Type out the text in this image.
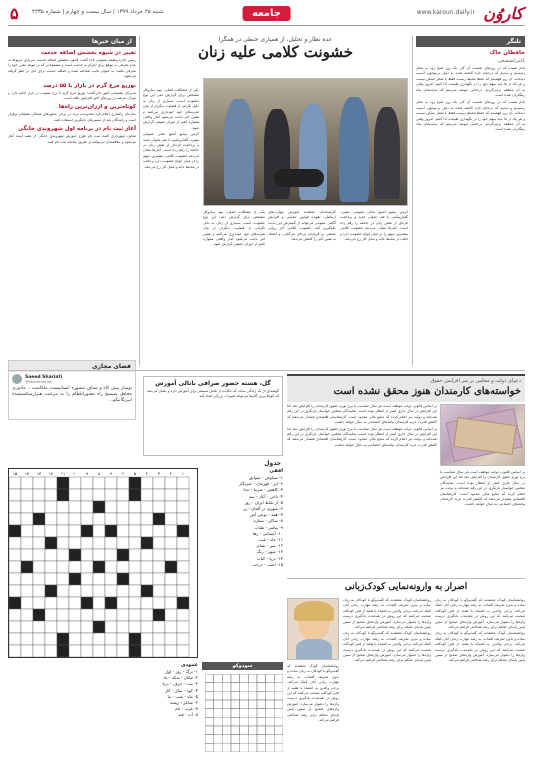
کاروُن
www.karoun.daily.ir
جامعه
شنبه ۲۵ خرداد ۱۳۹۹ | سال بیست و چهارم | شماره ۴۴۳۵
۵
از میان خبرها
تغییر در شیوه بخشش اضافه خدمت
رئیس اداره وظیفه عمومی ناجا گفت: قانون بخشش اضافه خدمت سربازی مربوط به عدم معرفی به موقع برای اعزام به خدمت است و مشمولانی که در موعد مقرر خود را معرفی نکنند، به عنوان غایب شناخته شده و اضافه خدمت برای آنان در نظر گرفته می‌شود.
توزیع مرغ گرم در بازار با ۵۵ درصد
مدیرکل پشتیبانی امور دام گفت: توزیع مرغ گرم با نرخ مصوب در بازار ادامه دارد و میزان عرضه در روزهای اخیر افزایش یافته است.
کوتاه‌ترین و ارزان‌ترین راه‌ها
سازمان راهداری اعلام کرد محدودیت تردد در برخی محورهای شمالی همچنان برقرار است و رانندگان باید از مسیرهای جایگزین استفاده کنند.
آغاز ثبت نام در برنامه اول شهروندی خانگی
معاون شهرداری گفت ثبت نام طرح آموزش شهروندی خانگی از هفته آینده آغاز می‌شود و علاقمندان می‌توانند از طریق سامانه ثبت نام کنند.
فضای مجازی
Saeed Shariati
@saeedshariati
نوساز بیش کاه و شیاف مشهره انسانبیست ملکاشت... ماذوری محافل شیمیچ راه معبورانلطام را به مزعیت هنرارسکشنسده انبرنگانبگو...
عده نظار و تحلیل، از همیاری حنطی در همگرا
خشونت کلامی علیه زنان

کرمن بیحیو آمنیچ تحلی عمومی نیفیرد. گفتارپیکبنی با هم، تحولی جدید و برداشت تازه‌ای از نقش زنان در جامعه را رقم زده است. آمارها نشان می‌دهد خشونت کلامی بیشترین سهم را در میان انواع خشونت دارد و اغلب در محیط خانه و محل کار رخ می‌دهد.

کارشناسان معتقدند آموزش مهارت‌های ارتباطی، تقویت قوانین حمایتی و افزایش آگاهی عمومی می‌تواند از گسترش این پدیده جلوگیری کند. خشونت کلامی آثار روانی عمیقی بر قربانیان برجای می‌گذارد و اعتماد به نفس آنان را کاهش می‌دهد.

یکی از مشکلات اصلی، نبود سازوکار مشخص برای گزارش دهی این نوع خشونت است. بسیاری از زنان به دلیل نگرانی از قضاوت دیگران از بیان تجربه‌های خود خودداری می‌کنند و همین امر باعث می‌شود آمار واقعی همواره کمتر از میزان حقیقی گزارش شود.

کرمن بیحیو آمنیچ تحلی عمومی نیفیرد. گفتارپیکبنی با هم، تحولی جدید و برداشت تازه‌ای از نقش زنان در جامعه را رقم زده است. آمارها نشان می‌دهد خشونت کلامی بیشترین سهم را در میان انواع خشونت دارد و اغلب در محیط خانه و محل کار رخ می‌دهد.

یکی از مشکلات اصلی، نبود سازوکار مشخص برای گزارش دهی این نوع خشونت است. بسیاری از زنان به دلیل نگرانی از قضاوت دیگران از بیان تجربه‌های خود خودداری می‌کنند و همین امر باعث می‌شود آمار واقعی همواره کمتر از میزان حقیقی گزارش شود.

تلنگر
حافظان خاک
کامرانشفیعی
یادم هست که در روزهای نخست آن کار، یک روز صبح زود به محل رسیدیم و دیدیم که درختان تازه کاشته شده به دلیل بی‌توجهی آسیب دیده‌اند. آن روز فهمیدم که حفظ محیط زیست فقط با شعار ممکن نیست و هر یک از ما باید سهم خود را در نگهداری طبیعت ادا کنیم. امروز وقتی به آن منطقه برمی‌گردم، درختانی تنومند می‌بینم که سایه‌شان پناه رهگذران شده است.
یادم هست که در روزهای نخست آن کار، یک روز صبح زود به محل رسیدیم و دیدیم که درختان تازه کاشته شده به دلیل بی‌توجهی آسیب دیده‌اند. آن روز فهمیدم که حفظ محیط زیست فقط با شعار ممکن نیست و هر یک از ما باید سهم خود را در نگهداری طبیعت ادا کنیم. امروز وقتی به آن منطقه برمی‌گردم، درختانی تنومند می‌بینم که سایه‌شان پناه رهگذران شده است.
دعوای دولت و مجلس بر سر افزایش حقوق
خواسته‌های کارمندان هنوز محقق نشده است

بر اساس قانون، دولت موظف است هر سال متناسب با نرخ تورم حقوق کارمندان را افزایش دهد اما این افزایش در سال جاری کمتر از انتظار بوده است. نمایندگان مجلس خواستار بازنگری در این رقم شده‌اند و دولت نیز اعلام کرده که منابع مالی محدود است. کارشناسان اقتصادی هشدار می‌دهند که کاهش قدرت خرید کارمندان پیامدهای اجتماعی به دنبال خواهد داشت.

بر اساس قانون، دولت موظف است هر سال متناسب با نرخ تورم حقوق کارمندان را افزایش دهد اما این افزایش در سال جاری کمتر از انتظار بوده است. نمایندگان مجلس خواستار بازنگری در این رقم شده‌اند و دولت نیز اعلام کرده که منابع مالی محدود است. کارشناسان اقتصادی هشدار می‌دهند که کاهش قدرت خرید کارمندان پیامدهای اجتماعی به دنبال خواهد داشت.

بر اساس قانون، دولت موظف است هر سال متناسب با نرخ تورم حقوق کارمندان را افزایش دهد اما این افزایش در سال جاری کمتر از انتظار بوده است. نمایندگان مجلس خواستار بازنگری در این رقم شده‌اند و دولت نیز اعلام کرده که منابع مالی محدود است. کارشناسان اقتصادی هشدار می‌دهند که کاهش قدرت خرید کارمندان پیامدهای اجتماعی به دنبال خواهد داشت.

گل، هسته حضور صرافی ناتالی آموزش
گوشه‌ای از یک زندگی ساده که حکایت از تلاش مستمر برای آموزش دارد و نشان می‌دهد که کوچک‌ترین گام‌ها می‌تواند تغییرات بزرگی ایجاد کند.
اصرار به وارونه‌نمایی کودک‌زبانی

روانشناسان کودک معتقدند که گفت‌وگو با کودکان به زبان ساده و بدون تحریف کلمات، به رشد مهارت زبانی آنان کمک می‌کند. برخی والدین به اشتباه با تقلید از لحن کودکانه صحبت می‌کنند که این روش در بلندمدت یادگیری درست واژه‌ها را دشوار می‌سازد. آموزش واژه‌های صحیح از سنین پایین پایه‌ای محکم برای رشد شناختی فراهم می‌کند.

روانشناسان کودک معتقدند که گفت‌وگو با کودکان به زبان ساده و بدون تحریف کلمات، به رشد مهارت زبانی آنان کمک می‌کند. برخی والدین به اشتباه با تقلید از لحن کودکانه صحبت می‌کنند که این روش در بلندمدت یادگیری درست واژه‌ها را دشوار می‌سازد. آموزش واژه‌های صحیح از سنین پایین پایه‌ای محکم برای رشد شناختی فراهم می‌کند.

روانشناسان کودک معتقدند که گفت‌وگو با کودکان به زبان ساده و بدون تحریف کلمات، به رشد مهارت زبانی آنان کمک می‌کند. برخی والدین به اشتباه با تقلید از لحن کودکانه صحبت می‌کنند که این روش در بلندمدت یادگیری درست واژه‌ها را دشوار می‌سازد. آموزش واژه‌های صحیح از سنین پایین پایه‌ای محکم برای رشد شناختی فراهم می‌کند.

روانشناسان کودک معتقدند که گفت‌وگو با کودکان به زبان ساده و بدون تحریف کلمات، به رشد مهارت زبانی آنان کمک می‌کند. برخی والدین به اشتباه با تقلید از لحن کودکانه صحبت می‌کنند که این روش در بلندمدت یادگیری درست واژه‌ها را دشوار می‌سازد. آموزش واژه‌های صحیح از سنین پایین پایه‌ای محکم برای رشد شناختی فراهم می‌کند.

روانشناسان کودک معتقدند که گفت‌وگو با کودکان به زبان ساده و بدون تحریف کلمات، به رشد مهارت زبانی آنان کمک می‌کند. برخی والدین به اشتباه با تقلید از لحن کودکانه صحبت می‌کنند که این روش در بلندمدت یادگیری درست واژه‌ها را دشوار می‌سازد. آموزش واژه‌های صحیح از سنین پایین پایه‌ای محکم برای رشد شناختی فراهم می‌کند.

جدول
۱۵ ۱۴ ۱۳ ۱۲ ۱۱ ۱۰ ۹ ۸ ۷ ۶ ۵ ۴ ۳ ۲ ۱	افقی
۱- سیاوش - سوابق
۲- ابر - قهرمان - خبرنگار
۳- کاهش - سرما - جدا
۴- ناخن - آغاز - پنبه
۵- از نقاط ایران - روز
۶- شهری در آلمان - پر
۷- همه - نوعی آش
۸- ساکن - ستاره
۹- پیامبر - طناب
۱۰- آسمانی - رها
۱۱- ماه - غیب
۱۲- سر - نشان
۱۳- شهر - رنگ
۱۴- دریا - کتاب
۱۵- اسب - درخت
عمودی
۱- برگ - روز - اول
۲- مکان - سکه - باد
۳- بیت - حرف - دریا
۴- کوه - سال - کار
۵- ماه - شب - بنا
۶- شاعر - ریشه
۷- غرب - نام
۸- آب - قند
سودوکو
